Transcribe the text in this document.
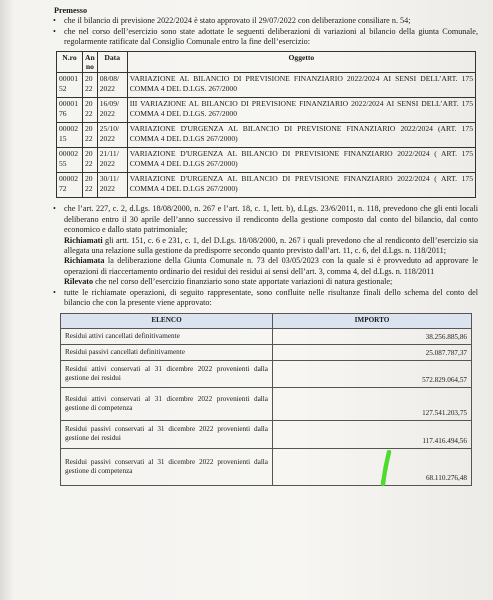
Premesso
• che il bilancio di previsione 2022/2024 è stato approvato il 29/07/2022 con deliberazione consiliare n. 54;
• che nel corso dell’esercizio sono state adottate le seguenti deliberazioni di variazioni al bilancio della giunta Comunale, regolarmente ratificate dal Consiglio Comunale entro la fine dell’esercizio:
N.ro	An no	Data	Oggetto
00001 52	20 22	08/08/ 2022	VARIAZIONE AL BILANCIO DI PREVISIONE FINANZIARIO 2022/2024 AI SENSI DELL’ART. 175 COMMA 4 DEL D.LGS. 267/2000
00001 76	20 22	16/09/ 2022	III VARIAZIONE AL BILANCIO DI PREVISIONE FINANZIARIO 2022/2024 AI SENSI DELL’ART. 175 COMMA 4 DEL D.LGS. 267/2000
00002 15	20 22	25/10/ 2022	VARIAZIONE D'URGENZA AL BILANCIO DI PREVISIONE FINANZIARIO 2022/2024 (ART. 175 COMMA 4 DEL D.LGS 267/2000)
00002 55	20 22	21/11/ 2022	VARIAZIONE D'URGENZA AL BILANCIO DI PREVISIONE FINANZIARIO 2022/2024 ( ART. 175 COMMA 4 DEL D.LGS 267/2000)
00002 72	20 22	30/11/ 2022	VARIAZIONE D'URGENZA AL BILANCIO DI PREVISIONE FINANZIARIO 2022/2024 ( ART. 175 COMMA 4 DEL D.LGS 267/2000)
• che l’art. 227, c. 2, d.Lgs. 18/08/2000, n. 267 e l’art. 18, c. 1, lett. b), d.Lgs. 23/6/2011, n. 118, prevedono che gli enti locali deliberano entro il 30 aprile dell’anno successivo il rendiconto della gestione composto dal conto del bilancio, dal conto economico e dallo stato patrimoniale;
Richiamati gli artt. 151, c. 6 e 231, c. 1, del D.Lgs. 18/08/2000, n. 267 i quali prevedono che al rendiconto dell’esercizio sia allegata una relazione sulla gestione da predisporre secondo quanto previsto dall’art. 11, c. 6, del d.Lgs. n. 118/2011;
Richiamata la deliberazione della Giunta Comunale n. 73 del 03/05/2023 con la quale si è provveduto ad approvare le operazioni di riaccertamento ordinario dei residui dei residui ai sensi dell’art. 3, comma 4, del d.Lgs. n. 118/2011
Rilevato che nel corso dell’esercizio finanziario sono state apportate variazioni di natura gestionale;
• tutte le richiamate operazioni, di seguito rappresentate, sono confluite nelle risultanze finali dello schema del conto del bilancio che con la presente viene approvato:
ELENCO	IMPORTO
Residui attivi cancellati definitivamente	38.256.885,86
Residui passivi cancellati definitivamente	25.087.787,37
Residui attivi conservati al 31 dicembre 2022 provenienti dalla gestione dei residui	572.829.064,57
Residui attivi conservati al 31 dicembre 2022 provenienti dalla gestione di competenza	127.541.203,75
Residui passivi conservati al 31 dicembre 2022 provenienti dalla gestione dei residui	117.416.494,56
Residui passivi conservati al 31 dicembre 2022 provenienti dalla gestione di competenza	68.110.276,48
